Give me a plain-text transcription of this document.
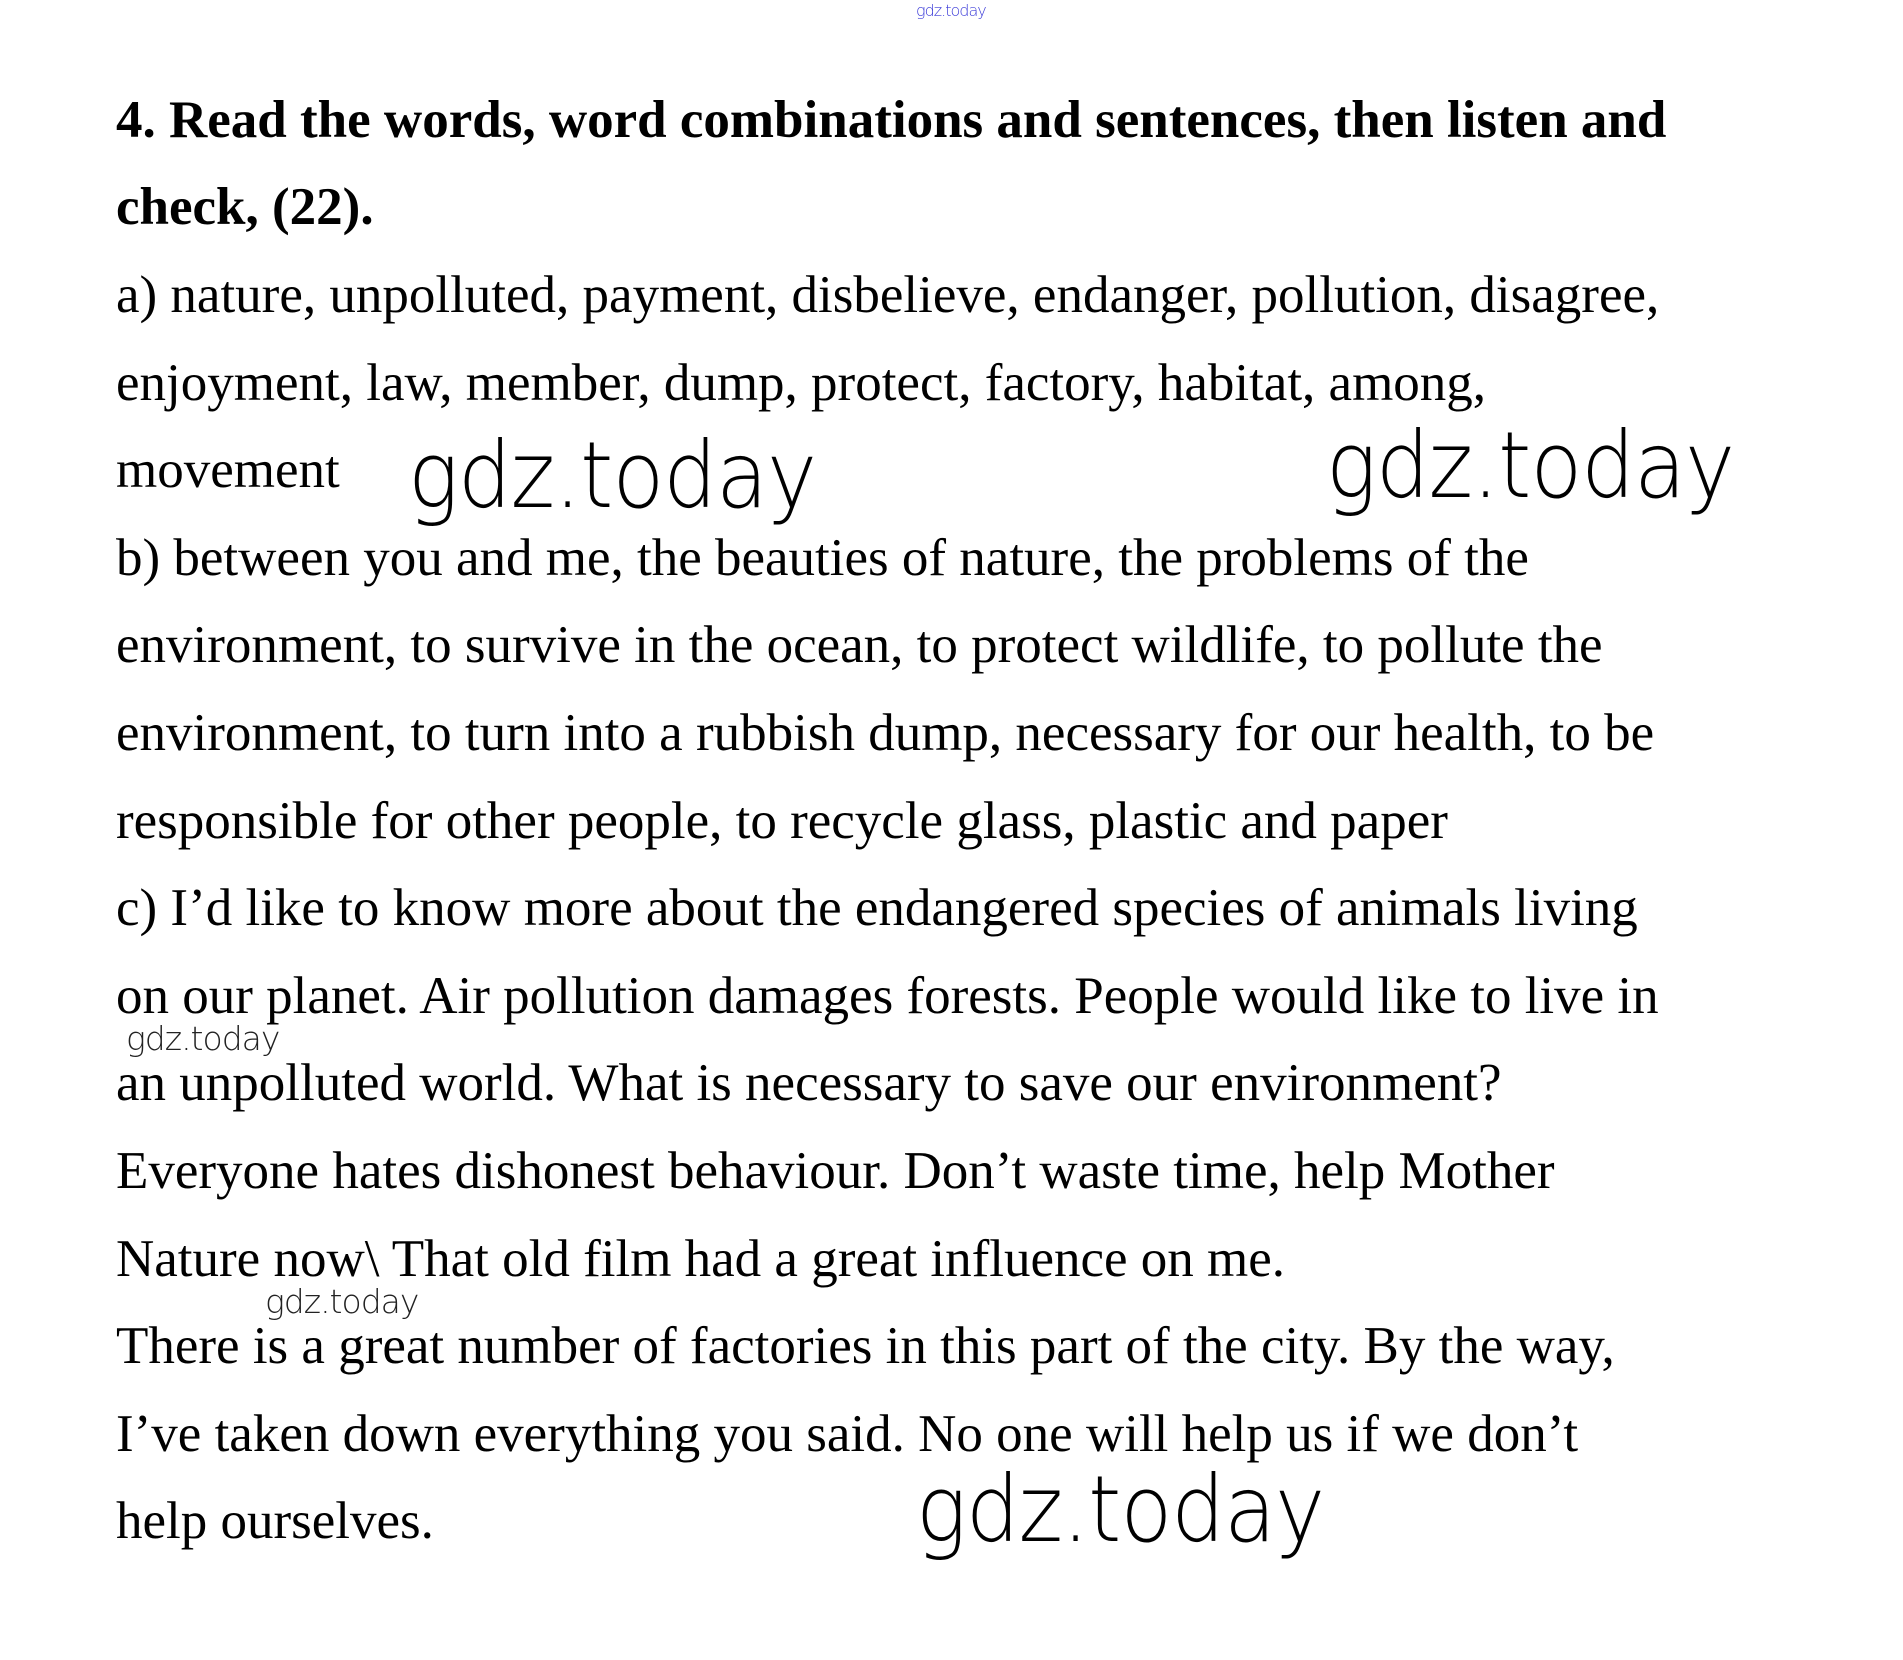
gdz.today
4. Read the words, word combinations and sentences, then listen and
check, (22).
a) nature, unpolluted, payment, disbelieve, endanger, pollution, disagree,
enjoyment, law, member, dump, protect, factory, habitat, among,
movement
b) between you and me, the beauties of nature, the problems of the
environment, to survive in the ocean, to protect wildlife, to pollute the
environment, to turn into a rubbish dump, necessary for our health, to be
responsible for other people, to recycle glass, plastic and paper
c) I’d like to know more about the endangered species of animals living
on our planet. Air pollution damages forests. People would like to live in
an unpolluted world. What is necessary to save our environment?
Everyone hates dishonest behaviour. Don’t waste time, help Mother
Nature now\ That old film had a great influence on me.
There is a great number of factories in this part of the city. By the way,
I’ve taken down everything you said. No one will help us if we don’t
help ourselves.
gdz.today	gdz.today
gdz.today
gdz.today
gdz.today
